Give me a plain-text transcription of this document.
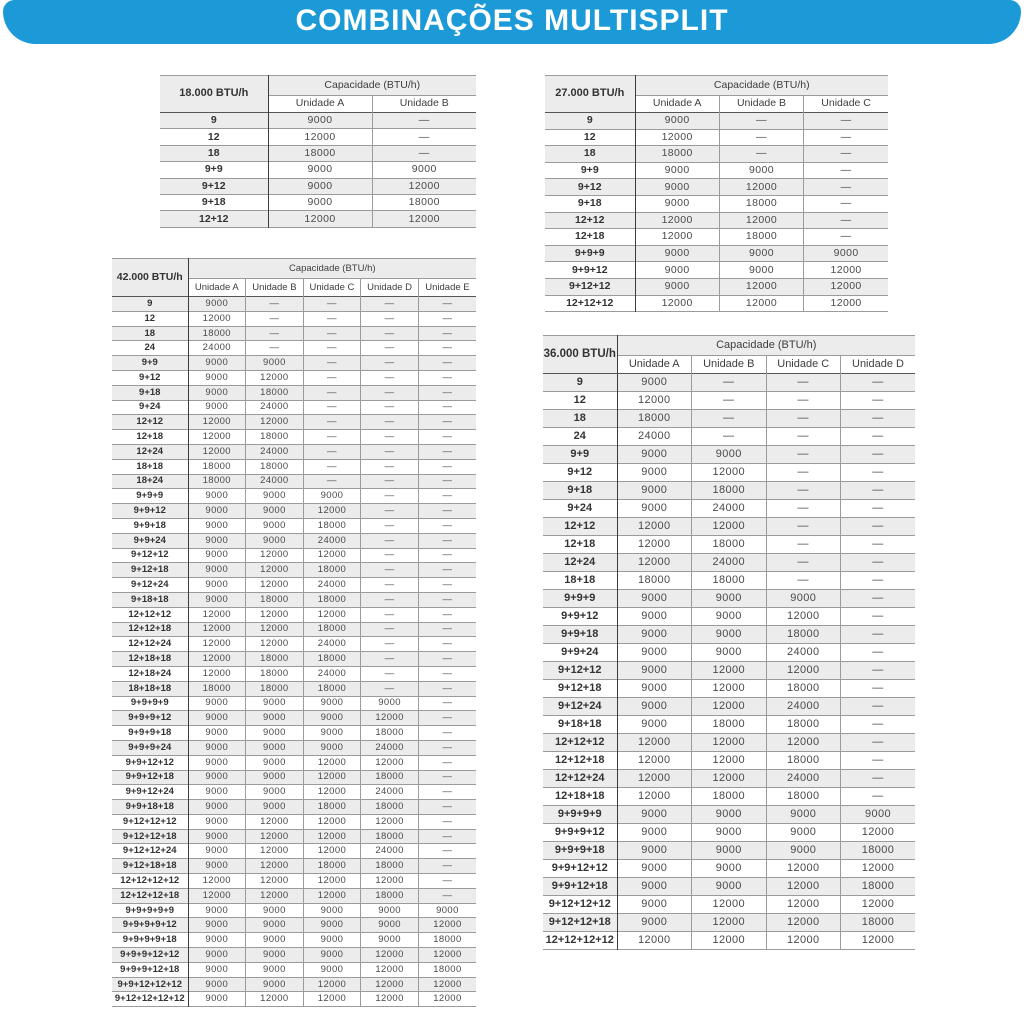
COMBINAÇÕES MULTISPLIT
18.000 BTU/h	Capacidade (BTU/h)	
	Unidade A	Unidade B
9	9000	—
12	12000	—
18	18000	—
9+9	9000	9000
9+12	9000	12000
9+18	9000	18000
12+12	12000	12000
27.000 BTU/h	Capacidade (BTU/h)		
	Unidade A	Unidade B	Unidade C
9	9000	—	—
12	12000	—	—
18	18000	—	—
9+9	9000	9000	—
9+12	9000	12000	—
9+18	9000	18000	—
12+12	12000	12000	—
12+18	12000	18000	—
9+9+9	9000	9000	9000
9+9+12	9000	9000	12000
9+12+12	9000	12000	12000
12+12+12	12000	12000	12000
42.000 BTU/h	Capacidade (BTU/h)				
	Unidade A	Unidade B	Unidade C	Unidade D	Unidade E
9	9000	—	—	—	—
12	12000	—	—	—	—
18	18000	—	—	—	—
24	24000	—	—	—	—
9+9	9000	9000	—	—	—
9+12	9000	12000	—	—	—
9+18	9000	18000	—	—	—
9+24	9000	24000	—	—	—
12+12	12000	12000	—	—	—
12+18	12000	18000	—	—	—
12+24	12000	24000	—	—	—
18+18	18000	18000	—	—	—
18+24	18000	24000	—	—	—
9+9+9	9000	9000	9000	—	—
9+9+12	9000	9000	12000	—	—
9+9+18	9000	9000	18000	—	—
9+9+24	9000	9000	24000	—	—
9+12+12	9000	12000	12000	—	—
9+12+18	9000	12000	18000	—	—
9+12+24	9000	12000	24000	—	—
9+18+18	9000	18000	18000	—	—
12+12+12	12000	12000	12000	—	—
12+12+18	12000	12000	18000	—	—
12+12+24	12000	12000	24000	—	—
12+18+18	12000	18000	18000	—	—
12+18+24	12000	18000	24000	—	—
18+18+18	18000	18000	18000	—	—
9+9+9+9	9000	9000	9000	9000	—
9+9+9+12	9000	9000	9000	12000	—
9+9+9+18	9000	9000	9000	18000	—
9+9+9+24	9000	9000	9000	24000	—
9+9+12+12	9000	9000	12000	12000	—
9+9+12+18	9000	9000	12000	18000	—
9+9+12+24	9000	9000	12000	24000	—
9+9+18+18	9000	9000	18000	18000	—
9+12+12+12	9000	12000	12000	12000	—
9+12+12+18	9000	12000	12000	18000	—
9+12+12+24	9000	12000	12000	24000	—
9+12+18+18	9000	12000	18000	18000	—
12+12+12+12	12000	12000	12000	12000	—
12+12+12+18	12000	12000	12000	18000	—
9+9+9+9+9	9000	9000	9000	9000	9000
9+9+9+9+12	9000	9000	9000	9000	12000
9+9+9+9+18	9000	9000	9000	9000	18000
9+9+9+12+12	9000	9000	9000	12000	12000
9+9+9+12+18	9000	9000	9000	12000	18000
9+9+12+12+12	9000	9000	12000	12000	12000
9+12+12+12+12	9000	12000	12000	12000	12000
36.000 BTU/h	Capacidade (BTU/h)			
	Unidade A	Unidade B	Unidade C	Unidade D
9	9000	—	—	—
12	12000	—	—	—
18	18000	—	—	—
24	24000	—	—	—
9+9	9000	9000	—	—
9+12	9000	12000	—	—
9+18	9000	18000	—	—
9+24	9000	24000	—	—
12+12	12000	12000	—	—
12+18	12000	18000	—	—
12+24	12000	24000	—	—
18+18	18000	18000	—	—
9+9+9	9000	9000	9000	—
9+9+12	9000	9000	12000	—
9+9+18	9000	9000	18000	—
9+9+24	9000	9000	24000	—
9+12+12	9000	12000	12000	—
9+12+18	9000	12000	18000	—
9+12+24	9000	12000	24000	—
9+18+18	9000	18000	18000	—
12+12+12	12000	12000	12000	—
12+12+18	12000	12000	18000	—
12+12+24	12000	12000	24000	—
12+18+18	12000	18000	18000	—
9+9+9+9	9000	9000	9000	9000
9+9+9+12	9000	9000	9000	12000
9+9+9+18	9000	9000	9000	18000
9+9+12+12	9000	9000	12000	12000
9+9+12+18	9000	9000	12000	18000
9+12+12+12	9000	12000	12000	12000
9+12+12+18	9000	12000	12000	18000
12+12+12+12	12000	12000	12000	12000
